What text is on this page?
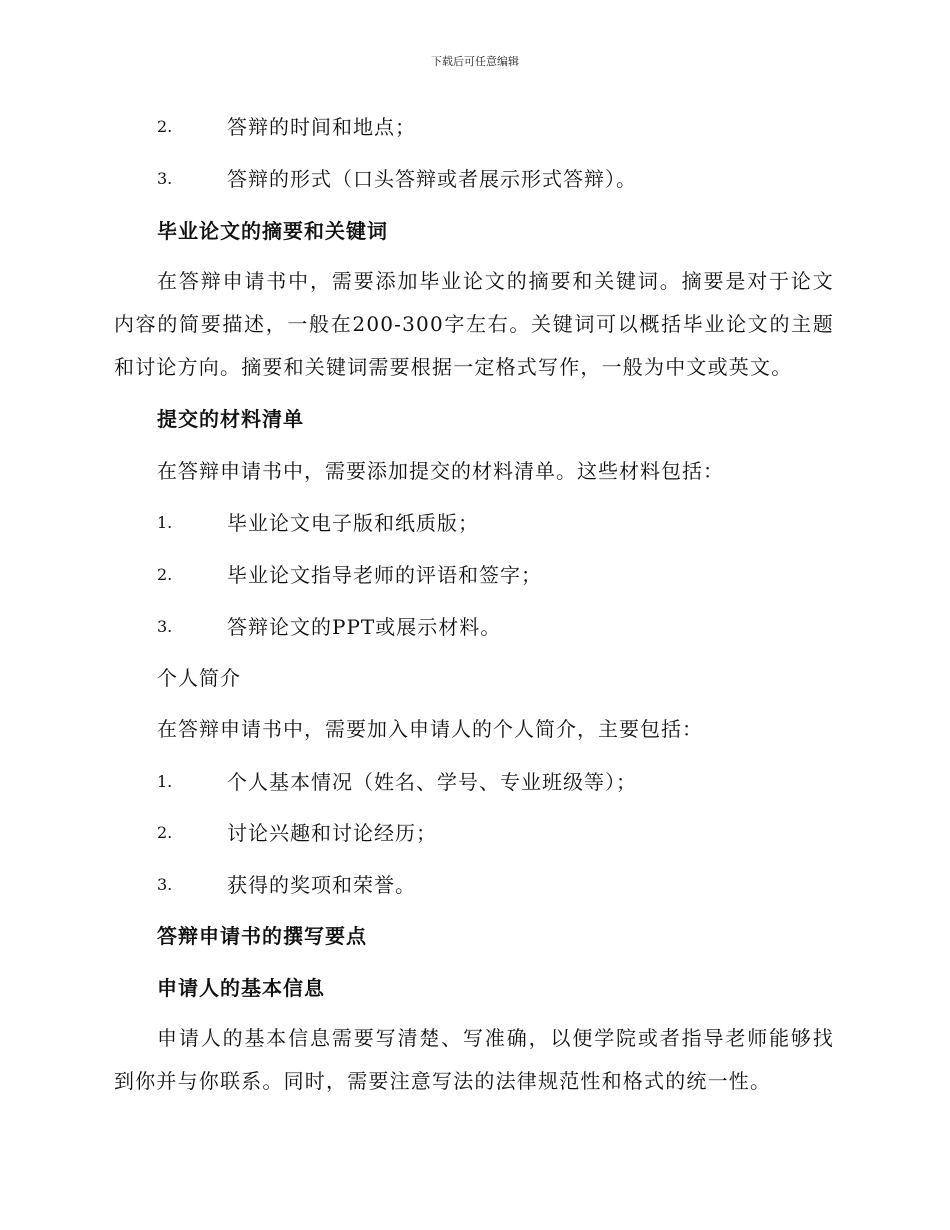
下载后可任意编辑
2.	答辩的时间和地点；
3.	答辩的形式（口头答辩或者展示形式答辩）。
毕业论文的摘要和关键词
在答辩申请书中，需要添加毕业论文的摘要和关键词。摘要是对于论文内容的简要描述，一般在200-300字左右。关键词可以概括毕业论文的主题和讨论方向。摘要和关键词需要根据一定格式写作，一般为中文或英文。
提交的材料清单
在答辩申请书中，需要添加提交的材料清单。这些材料包括：
1.	毕业论文电子版和纸质版；
2.	毕业论文指导老师的评语和签字；
3.	答辩论文的PPT或展示材料。
个人简介
在答辩申请书中，需要加入申请人的个人简介，主要包括：
1.	个人基本情况（姓名、学号、专业班级等）；
2.	讨论兴趣和讨论经历；
3.	获得的奖项和荣誉。
答辩申请书的撰写要点
申请人的基本信息
申请人的基本信息需要写清楚、写准确，以便学院或者指导老师能够找到你并与你联系。同时，需要注意写法的法律规范性和格式的统一性。
